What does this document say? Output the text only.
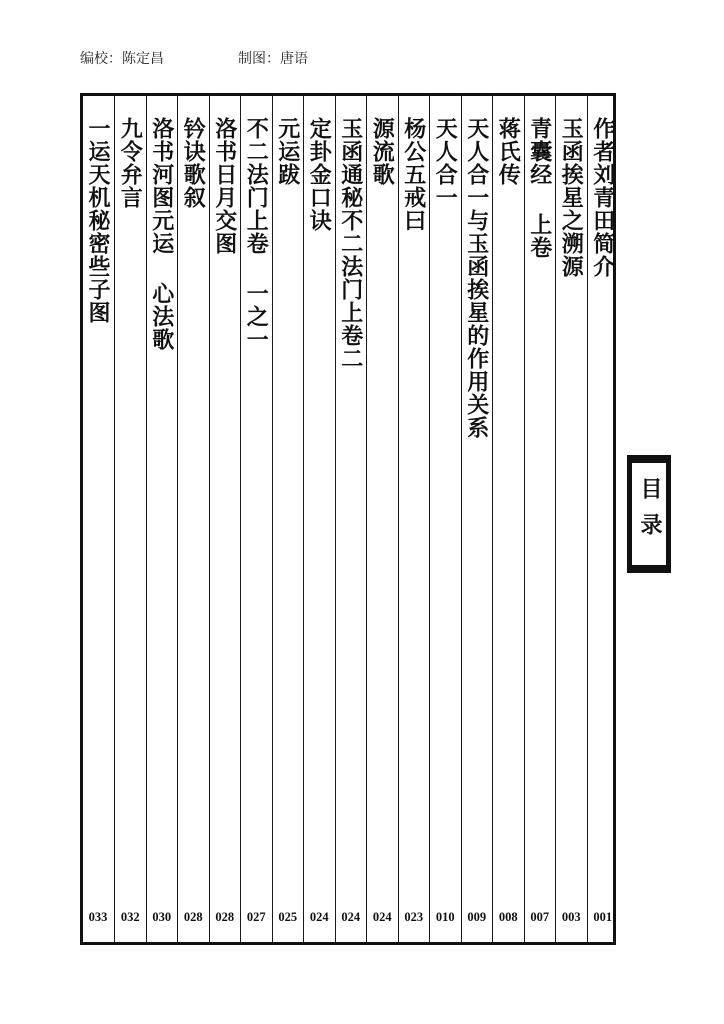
编校：陈定昌	制图：唐语
作者刘青田简介
001
玉函挨星之溯源
003
青囊经 上卷
007
蒋氏传
008
天人合一与玉函挨星的作用关系
009
天人合一
010
杨公五戒曰
023
源流歌
024
玉函通秘不二法门上卷二
024
定卦金口诀
024
元运跋
025
不二法门上卷 一之一
027
洛书日月交图
028
钤诀歌叙
028
洛书河图元运 心法歌
030
九令弁言
032
一运天机秘密些子图
033
目录
